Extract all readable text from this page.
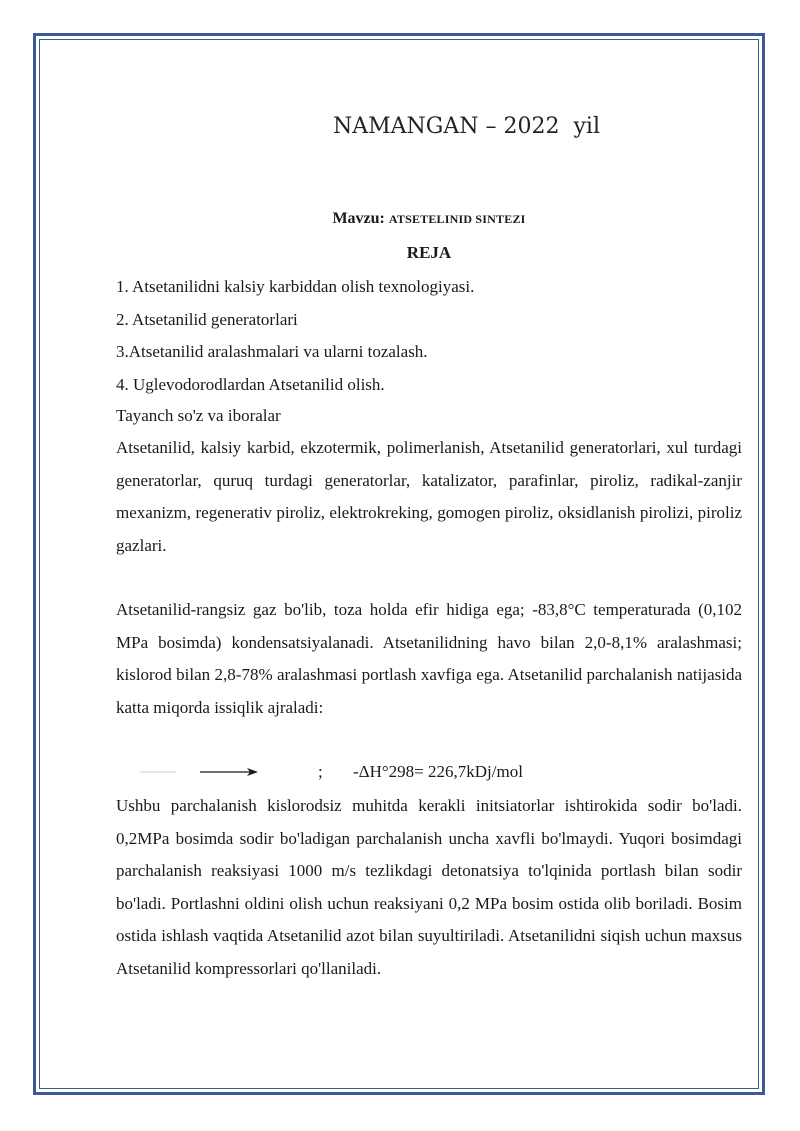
NAMANGAN – 2022  yil
Mavzu: ATSETELINID SINTEZI
REJA
1. Atsetanilidni kalsiy karbiddan olish texnologiyasi.
2. Atsetanilid generatorlari
3.Atsetanilid aralashmalari va ularni tozalash.
4. Uglevodorodlardan Atsetanilid olish.
Tayanch so'z va iboralar
Atsetanilid, kalsiy karbid, ekzotermik, polimerlanish, Atsetanilid generatorlari, xul turdagi generatorlar, quruq turdagi generatorlar, katalizator, parafinlar, piroliz, radikal-zanjir mexanizm, regenerativ piroliz, elektrokreking, gomogen piroliz, oksidlanish pirolizi, piroliz gazlari.
Atsetanilid-rangsiz gaz bo'lib, toza holda efir hidiga ega; -83,8°C temperaturada (0,102 MPa bosimda) kondensatsiyalanadi. Atsetanilidning havo bilan 2,0-8,1% aralashmasi; kislorod bilan 2,8-78% aralashmasi portlash xavfiga ega. Atsetanilid parchalanish natijasida katta miqorda issiqlik ajraladi:
; -ΔH°298= 226,7kDj/mol
Ushbu parchalanish kislorodsiz muhitda kerakli initsiatorlar ishtirokida sodir bo'ladi. 0,2MPa bosimda sodir bo'ladigan parchalanish uncha xavfli bo'lmaydi. Yuqori bosimdagi parchalanish reaksiyasi 1000 m/s tezlikdagi detonatsiya to'lqinida portlash bilan sodir bo'ladi. Portlashni oldini olish uchun reaksiyani 0,2 MPa bosim ostida olib boriladi. Bosim ostida ishlash vaqtida Atsetanilid azot bilan suyultiriladi. Atsetanilidni siqish uchun maxsus Atsetanilid kompressorlari qo'llaniladi.
